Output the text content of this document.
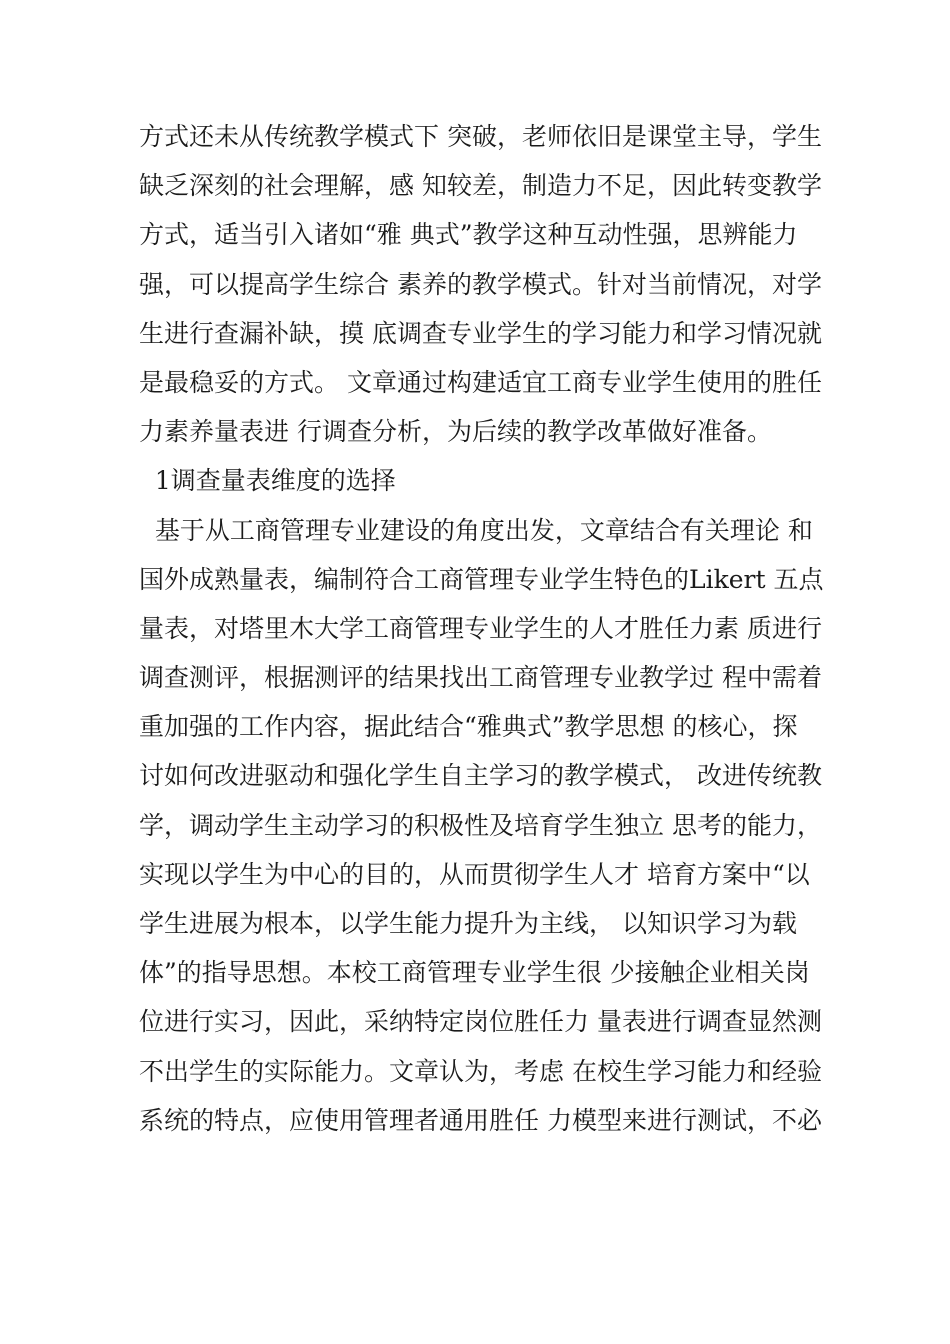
方式还未从传统教学模式下 突破，老师依旧是课堂主导，学生
缺乏深刻的社会理解，感 知较差，制造力不足，因此转变教学
方式，适当引入诸如“雅 典式”教学这种互动性强，思辨能力
强，可以提高学生综合 素养的教学模式。针对当前情况，对学
生进行查漏补缺，摸 底调查专业学生的学习能力和学习情况就
是最稳妥的方式。 文章通过构建适宜工商专业学生使用的胜任
力素养量表进 行调查分析，为后续的教学改革做好准备。
1调查量表维度的选择
基于从工商管理专业建设的角度出发，文章结合有关理论 和
国外成熟量表，编制符合工商管理专业学生特色的Likert 五点
量表，对塔里木大学工商管理专业学生的人才胜任力素 质进行
调查测评，根据测评的结果找出工商管理专业教学过 程中需着
重加强的工作内容，据此结合“雅典式”教学思想 的核心，探
讨如何改进驱动和强化学生自主学习的教学模式， 改进传统教
学，调动学生主动学习的积极性及培育学生独立 思考的能力，
实现以学生为中心的目的，从而贯彻学生人才 培育方案中“以
学生进展为根本，以学生能力提升为主线， 以知识学习为载
体”的指导思想。本校工商管理专业学生很 少接触企业相关岗
位进行实习，因此，采纳特定岗位胜任力 量表进行调查显然测
不出学生的实际能力。文章认为，考虑 在校生学习能力和经验
系统的特点，应使用管理者通用胜任 力模型来进行测试，不必
